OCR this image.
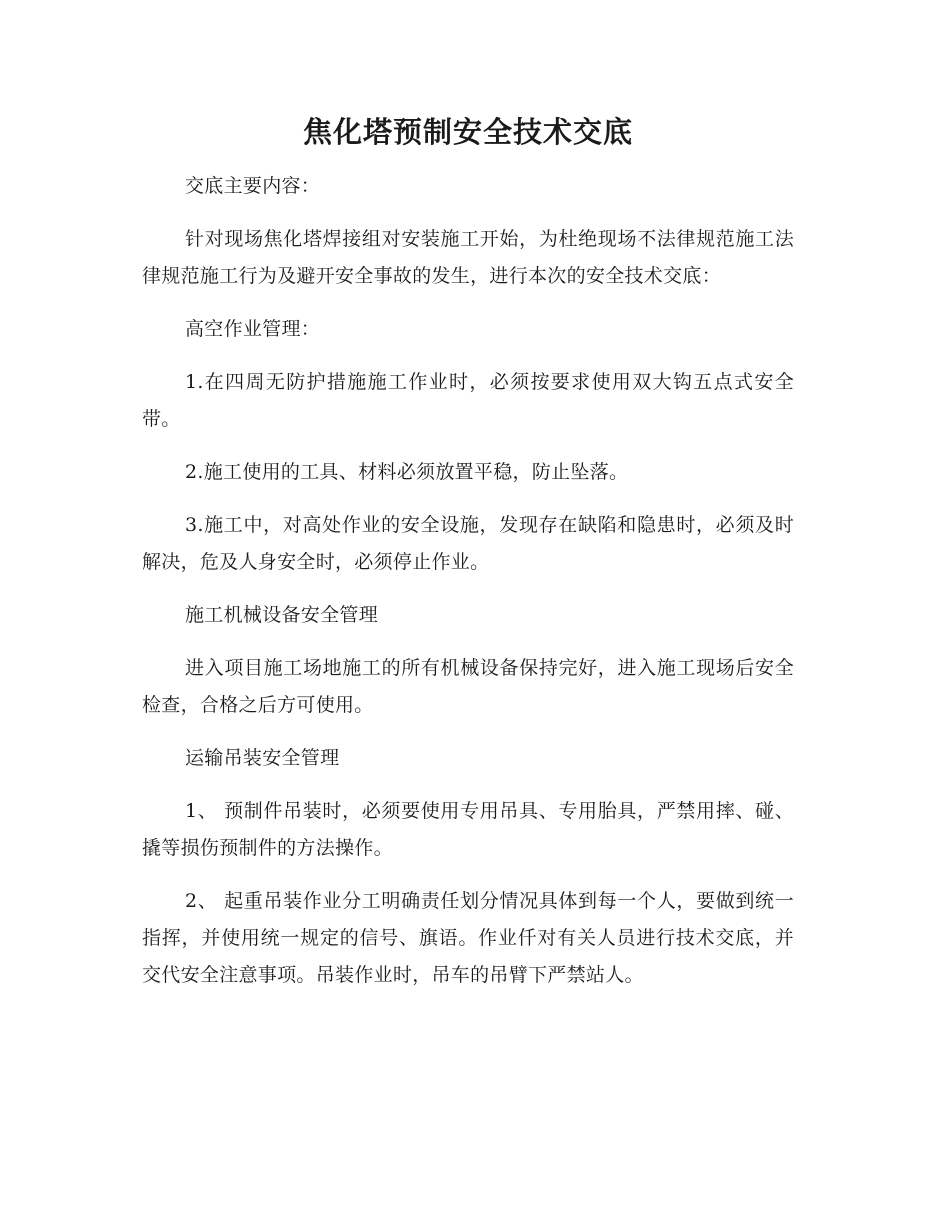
焦化塔预制安全技术交底

交底主要内容：

针对现场焦化塔焊接组对安装施工开始，为杜绝现场不法律规范施工法律规范施工行为及避开安全事故的发生，进行本次的安全技术交底：

高空作业管理：

1.在四周无防护措施施工作业时，必须按要求使用双大钩五点式安全带。

2.施工使用的工具、材料必须放置平稳，防止坠落。

3.施工中，对高处作业的安全设施，发现存在缺陷和隐患时，必须及时解决，危及人身安全时，必须停止作业。

施工机械设备安全管理

进入项目施工场地施工的所有机械设备保持完好，进入施工现场后安全检查，合格之后方可使用。

运输吊装安全管理

1、 预制件吊装时，必须要使用专用吊具、专用胎具，严禁用摔、碰、撬等损伤预制件的方法操作。

2、 起重吊装作业分工明确责任划分情况具体到每一个人，要做到统一指挥，并使用统一规定的信号、旗语。作业仟对有关人员进行技术交底，并交代安全注意事项。吊装作业时，吊车的吊臂下严禁站人。
